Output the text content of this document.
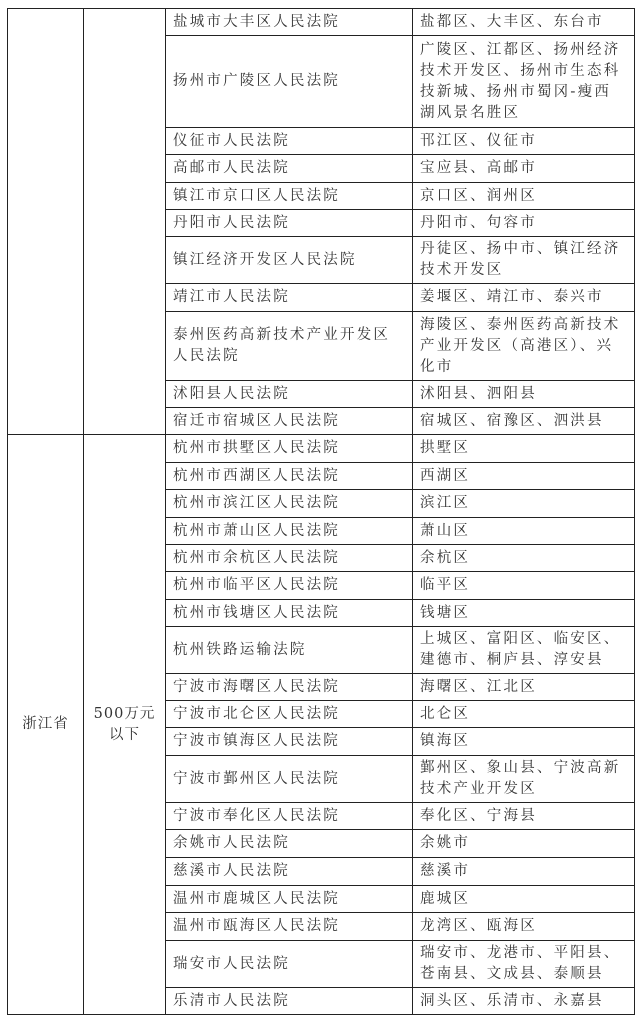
		盐城市大丰区人民法院	盐都区、大丰区、东台市
		扬州市广陵区人民法院	广陵区、江都区、扬州经济技术开发区、扬州市生态科技新城、扬州市蜀冈-瘦西湖风景名胜区
		仪征市人民法院	邗江区、仪征市
		高邮市人民法院	宝应县、高邮市
		镇江市京口区人民法院	京口区、润州区
		丹阳市人民法院	丹阳市、句容市
		镇江经济开发区人民法院	丹徒区、扬中市、镇江经济技术开发区
		靖江市人民法院	姜堰区、靖江市、泰兴市
		泰州医药高新技术产业开发区人民法院	海陵区、泰州医药高新技术产业开发区（高港区）、兴化市
		沭阳县人民法院	沭阳县、泗阳县
		宿迁市宿城区人民法院	宿城区、宿豫区、泗洪县
浙江省	500万元以下	杭州市拱墅区人民法院	拱墅区
		杭州市西湖区人民法院	西湖区
		杭州市滨江区人民法院	滨江区
		杭州市萧山区人民法院	萧山区
		杭州市余杭区人民法院	余杭区
		杭州市临平区人民法院	临平区
		杭州市钱塘区人民法院	钱塘区
		杭州铁路运输法院	上城区、富阳区、临安区、建德市、桐庐县、淳安县
		宁波市海曙区人民法院	海曙区、江北区
		宁波市北仑区人民法院	北仑区
		宁波市镇海区人民法院	镇海区
		宁波市鄞州区人民法院	鄞州区、象山县、宁波高新技术产业开发区
		宁波市奉化区人民法院	奉化区、宁海县
		余姚市人民法院	余姚市
		慈溪市人民法院	慈溪市
		温州市鹿城区人民法院	鹿城区
		温州市瓯海区人民法院	龙湾区、瓯海区
		瑞安市人民法院	瑞安市、龙港市、平阳县、苍南县、文成县、泰顺县
		乐清市人民法院	洞头区、乐清市、永嘉县
